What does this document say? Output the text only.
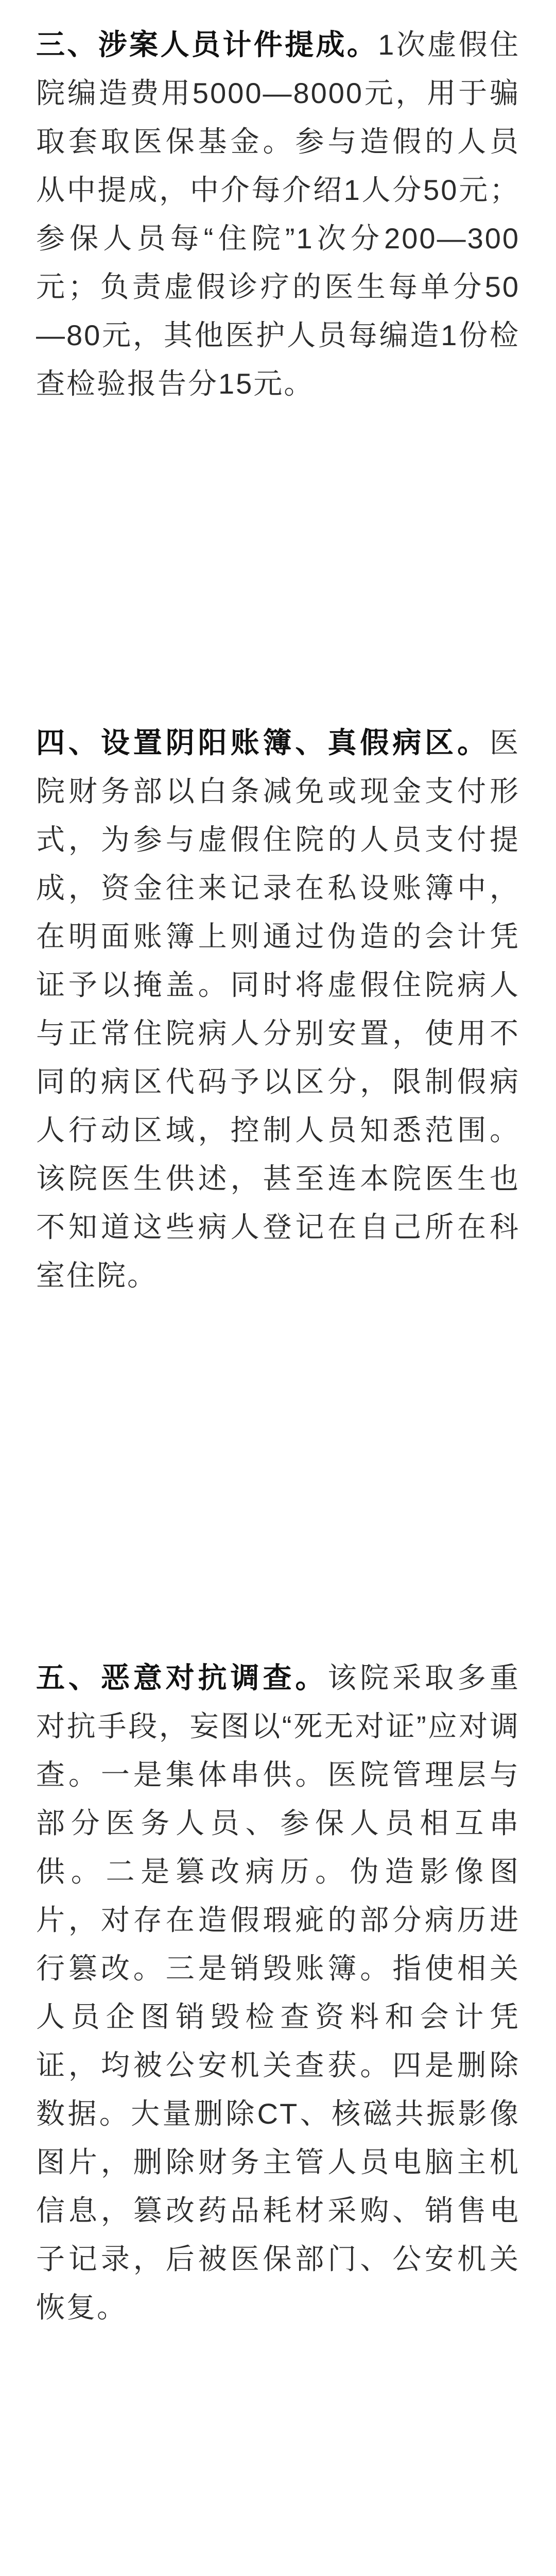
三、涉案人员计件提成。1次虚假住院编造费用5000—8000元，用于骗取套取医保基金。参与造假的人员从中提成，中介每介绍1人分50元；参保人员每“住院”1次分200—300元；负责虚假诊疗的医生每单分50—80元，其他医护人员每编造1份检查检验报告分15元。

四、设置阴阳账簿、真假病区。医院财务部以白条减免或现金支付形式，为参与虚假住院的人员支付提成，资金往来记录在私设账簿中，在明面账簿上则通过伪造的会计凭证予以掩盖。同时将虚假住院病人与正常住院病人分别安置，使用不同的病区代码予以区分，限制假病人行动区域，控制人员知悉范围。该院医生供述，甚至连本院医生也不知道这些病人登记在自己所在科室住院。

五、恶意对抗调查。该院采取多重对抗手段，妄图以“死无对证”应对调查。一是集体串供。医院管理层与部分医务人员、参保人员相互串供。二是篡改病历。伪造影像图片，对存在造假瑕疵的部分病历进行篡改。三是销毁账簿。指使相关人员企图销毁检查资料和会计凭证，均被公安机关查获。四是删除数据。大量删除CT、核磁共振影像图片，删除财务主管人员电脑主机信息，篡改药品耗材采购、销售电子记录，后被医保部门、公安机关恢复。
